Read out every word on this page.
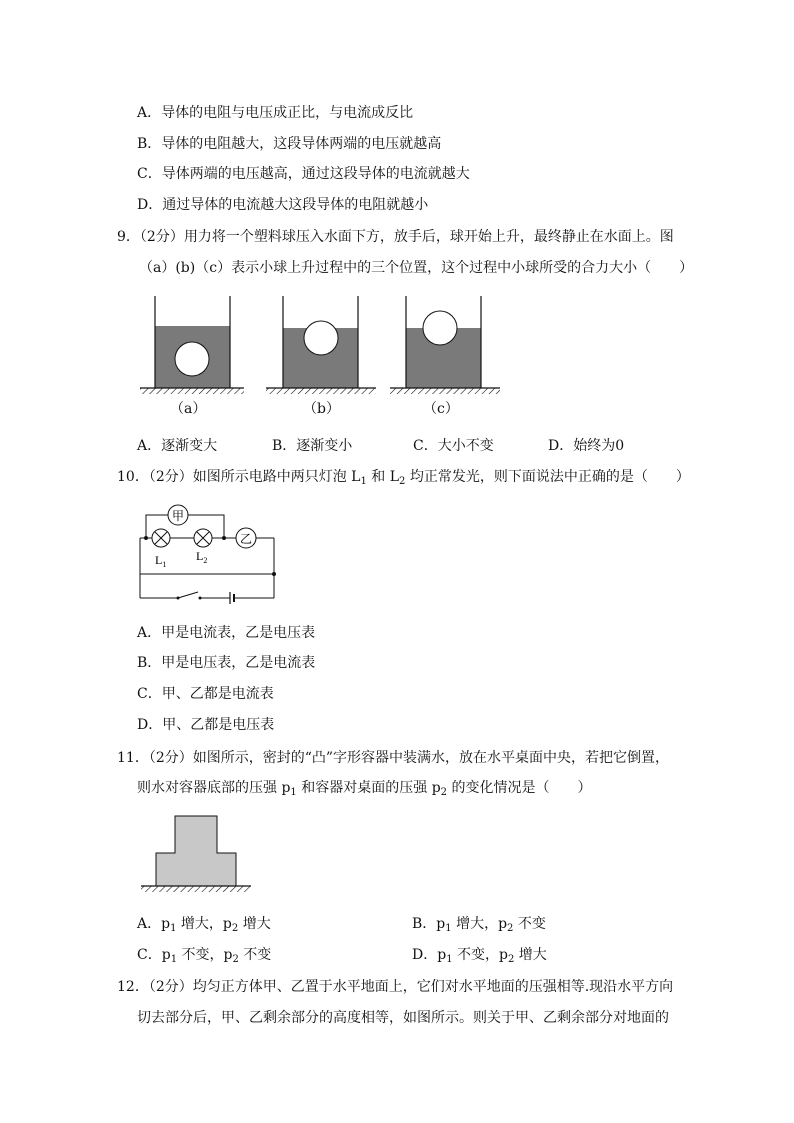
A．导体的电阻与电压成正比，与电流成反比
B．导体的电阻越大，这段导体两端的电压就越高
C．导体两端的电压越高，通过这段导体的电流就越大
D．通过导体的电流越大这段导体的电阻就越小
9．（2分）用力将一个塑料球压入水面下方，放手后，球开始上升，最终静止在水面上。图
（a）(b)（c）表示小球上升过程中的三个位置，这个过程中小球所受的合力大小（　　）
（a）	（b）	（c）
A．逐渐变大	B．逐渐变小	C．大小不变	D．始终为0
10．（2分）如图所示电路中两只灯泡 $L_1$ 和 $L_2$ 均正常发光，则下面说法中正确的是（　　）
甲
乙
$L_1$
$L_2$
A．甲是电流表，乙是电压表
B．甲是电压表，乙是电流表
C．甲、乙都是电流表
D．甲、乙都是电压表
11．（2分）如图所示，密封的“凸”字形容器中装满水，放在水平桌面中央，若把它倒置，
则水对容器底部的压强 $p_1$ 和容器对桌面的压强 $p_2$ 的变化情况是（　　）
A．$p_1$ 增大，$p_2$ 增大	B．$p_1$ 增大，$p_2$ 不变
C．$p_1$ 不变，$p_2$ 不变	D．$p_1$ 不变，$p_2$ 增大
12．（2分）均匀正方体甲、乙置于水平地面上，它们对水平地面的压强相等.现沿水平方向
切去部分后，甲、乙剩余部分的高度相等，如图所示。则关于甲、乙剩余部分对地面的
